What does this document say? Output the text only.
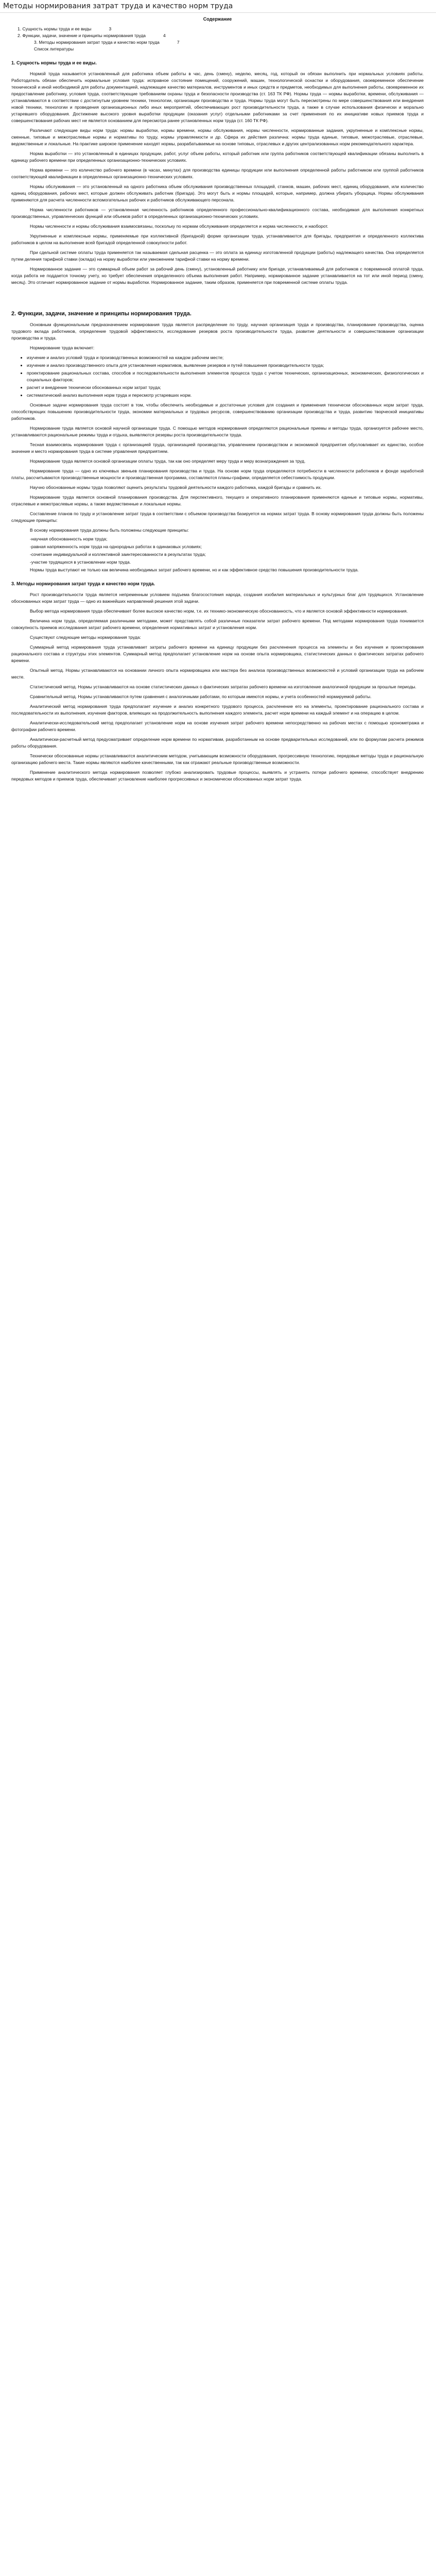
Методы нормирования затрат труда и качество норм труда
Содержание
1. Сущность нормы труда и ее виды	3
2. Функции, задачи, значение и принципы нормирования труда	4
3. Методы нормирования затрат труда и качество норм труда	7
Список литературы
1. Сущность нормы труда и ее виды.

Нормой труда называется установленный для работника объем работы в час, день (смену), неделю, месяц, год, который он обязан выполнить при нормальных условиях работы. Работодатель обязан обеспечить нормальные условия труда: исправное состояние помещений, сооружений, машин, технологической оснастки и оборудования, своевременное обеспечение технической и иной необходимой для работы документацией, надлежащее качество материалов, инструментов и иных средств и предметов, необходимых для выполнения работы, своевременное их предоставление работнику, условия труда, соответствующие требованиям охраны труда и безопасности производства (ст. 163 ТК РФ). Нормы труда — нормы выработки, времени, обслуживания — устанавливаются в соответствии с достигнутым уровнем техники, технологии, организации производства и труда. Нормы труда могут быть пересмотрены по мере совершенствования или внедрения новой техники, технологии и проведения организационных либо иных мероприятий, обеспечивающих рост производительности труда, а также в случае использования физически и морально устаревшего оборудования. Достижение высокого уровня выработки продукции (оказания услуг) отдельными работниками за счет применения по их инициативе новых приемов труда и совершенствования рабочих мест не является основанием для пересмотра ранее установленных норм труда (ст. 160 ТК РФ).

Различают следующие виды норм труда: нормы выработки, нормы времени, нормы обслуживания, нормы численности, нормированные задания, укрупненные и комплексные нормы, сменные, типовые и межотраслевые нормы и нормативы по труду, нормы управляемости и др. Сфера их действия различна: нормы труда единые, типовые, межотраслевые, отраслевые, ведомственные и локальные. На практике широкое применение находят нормы, разрабатываемые на основе типовых, отраслевых и других централизованных норм рекомендательного характера.

Норма выработки — это установленный в единицах продукции, работ, услуг объем работы, который работник или группа работников соответствующей квалификации обязаны выполнить в единицу рабочего времени при определенных организационно-технических условиях.

Норма времени — это количество рабочего времени (в часах, минутах) для производства единицы продукции или выполнения определенной работы работником или группой работников соответствующей квалификации в определенных организационно-технических условиях.

Нормы обслуживания — это установленный на одного работника объем обслуживания производственных площадей, станков, машин, рабочих мест, единиц оборудования, или количество единиц оборудования, рабочих мест, которые должен обслуживать работник (бригада). Это могут быть и нормы площадей, которые, например, должна убирать уборщица. Нормы обслуживания применяются для расчета численности вспомогательных рабочих и работников обслуживающего персонала.

Норма численности работников — установленная численность работников определенного профессионально-квалификационного состава, необходимая для выполнения конкретных производственных, управленческих функций или объемов работ в определенных организационно-технических условиях.

Нормы численности и нормы обслуживания взаимосвязаны, поскольку по нормам обслуживания определяется и норма численности, и наоборот.

Укрупненные и комплексные нормы, применяемые при коллективной (бригадной) форме организации труда, устанавливаются для бригады, предприятия и определенного коллектива работников в целом на выполнение всей бригадой определенной совокупности работ.

При сдельной системе оплаты труда применяется так называемая сдельная расценка — это оплата за единицу изготовленной продукции (работы) надлежащего качества. Она определяется путем деления тарифной ставки (оклада) на норму выработки или умножением тарифной ставки на норму времени.

Нормированное задание — это суммарный объем работ за рабочий день (смену), установленный работнику или бригаде, устанавливаемый для работников с повременной оплатой труда, когда работа не поддается точному учету, но требует обеспечения определенного объема выполнения работ. Например, нормированное задание устанавливается на тот или иной период (смену, месяц). Это отличает нормированное задание от нормы выработки. Нормированное задание, таким образом, применяется при повременной системе оплаты труда.

2. Функции, задачи, значение и принципы нормирования труда.

Основным функциональным предназначением нормирования труда является распределение по труду, научная организация труда и производства, планирование производства, оценка трудового вклада работников, определение трудовой эффективности, исследование резервов роста производительности труда, развитие деятельности и совершенствование организации производства и труда.

Нормирование труда включает:

• изучение и анализ условий труда и производственных возможностей на каждом рабочем месте;
• изучение и анализ производственного опыта для установления нормативов, выявление резервов и путей повышения производительности труда;
• проектирование рациональных состава, способов и последовательности выполнения элементов процесса труда с учетом технических, организационных, экономических, физиологических и социальных факторов;
• расчет и внедрение технически обоснованных норм затрат труда;
• систематический анализ выполнения норм труда и пересмотр устаревших норм.

Основные задачи нормирования труда состоят в том, чтобы обеспечить необходимые и достаточные условия для создания и применения технически обоснованных норм затрат труда, способствующих повышению производительности труда, экономии материальных и трудовых ресурсов, совершенствованию организации производства и труда, развитию творческой инициативы работников.

Нормирование труда является основой научной организации труда. С помощью методов нормирования определяются рациональные приемы и методы труда, организуется рабочее место, устанавливаются рациональные режимы труда и отдыха, выявляются резервы роста производительности труда.

Тесная взаимосвязь нормирования труда с организацией труда, организацией производства, управлением производством и экономикой предприятия обусловливает их единство, особое значение и место нормирования труда в системе управления предприятием.

Нормирование труда является основой организации оплаты труда, так как оно определяет меру труда и меру вознаграждения за труд.

Нормирование труда — одно из ключевых звеньев планирования производства и труда. На основе норм труда определяются потребности в численности работников и фонде заработной платы, рассчитываются производственные мощности и производственная программа, составляются планы-графики, определяется себестоимость продукции.

Научно обоснованные нормы труда позволяют оценить результаты трудовой деятельности каждого работника, каждой бригады и сравнить их.

Нормирование труда является основной планирования производства. Для перспективного, текущего и оперативного планирования применяются единые и типовые нормы, нормативы, отраслевые и межотраслевые нормы, а также ведомственные и локальные нормы.

Составление планов по труду и установление затрат труда в соответствии с объемом производства базируется на нормах затрат труда. В основу нормирования труда должны быть положены следующие принципы:

В основу нормирования труда должны быть положены следующие принципы:

-научная обоснованность норм труда;
-равная напряженность норм труда на однородных работах в одинаковых условиях;
-сочетание индивидуальной и коллективной заинтересованности в результатах труда;
-участие трудящихся в установлении норм труда.

Нормы труда выступают не только как величина необходимых затрат рабочего времени, но и как эффективное средство повышения производительности труда.

3. Методы нормирования затрат труда и качество норм труда.

Рост производительности труда является непременным условием подъема благосостояния народа, создания изобилия материальных и культурных благ для трудящихся. Установление обоснованных норм затрат труда — одно из важнейших направлений решения этой задачи.

Выбор метода нормирования труда обеспечивает более высокое качество норм, т.е. их технико-экономическую обоснованность, что и является основой эффективности нормирования.

Величина норм труда, определяемая различными методами, может представлять собой различные показатели затрат рабочего времени. Под методами нормирования труда понимается совокупность приемов исследования затрат рабочего времени, определения нормативных затрат и установления норм.

Существуют следующие методы нормирования труда:

Суммарный метод нормирования труда устанавливает затраты рабочего времени на единицу продукции без расчленения процесса на элементы и без изучения и проектирования рационального состава и структуры этих элементов. Суммарный метод предполагает установление норм на основе опыта нормировщика, статистических данных о фактических затратах рабочего времени.

Опытный метод. Нормы устанавливаются на основании личного опыта нормировщика или мастера без анализа производственных возможностей и условий организации труда на рабочем месте.

Статистический метод. Нормы устанавливаются на основе статистических данных о фактических затратах рабочего времени на изготовление аналогичной продукции за прошлые периоды.

Сравнительный метод. Нормы устанавливаются путем сравнения с аналогичными работами, по которым имеются нормы, и учета особенностей нормируемой работы.

Аналитический метод нормирования труда предполагает изучение и анализ конкретного трудового процесса, расчленение его на элементы, проектирование рационального состава и последовательности их выполнения, изучение факторов, влияющих на продолжительность выполнения каждого элемента, расчет норм времени на каждый элемент и на операцию в целом.

Аналитически-исследовательский метод предполагает установление норм на основе изучения затрат рабочего времени непосредственно на рабочих местах с помощью хронометража и фотографии рабочего времени.

Аналитически-расчетный метод предусматривает определение норм времени по нормативам, разработанным на основе предварительных исследований, или по формулам расчета режимов работы оборудования.

Технически обоснованные нормы устанавливаются аналитическим методом, учитывающим возможности оборудования, прогрессивную технологию, передовые методы труда и рациональную организацию рабочего места. Такие нормы являются наиболее качественными, так как отражают реальные производственные возможности.

Применение аналитического метода нормирования позволяет глубоко анализировать трудовые процессы, выявлять и устранять потери рабочего времени, способствует внедрению передовых методов и приемов труда, обеспечивает установление наиболее прогрессивных и экономически обоснованных норм затрат труда.
